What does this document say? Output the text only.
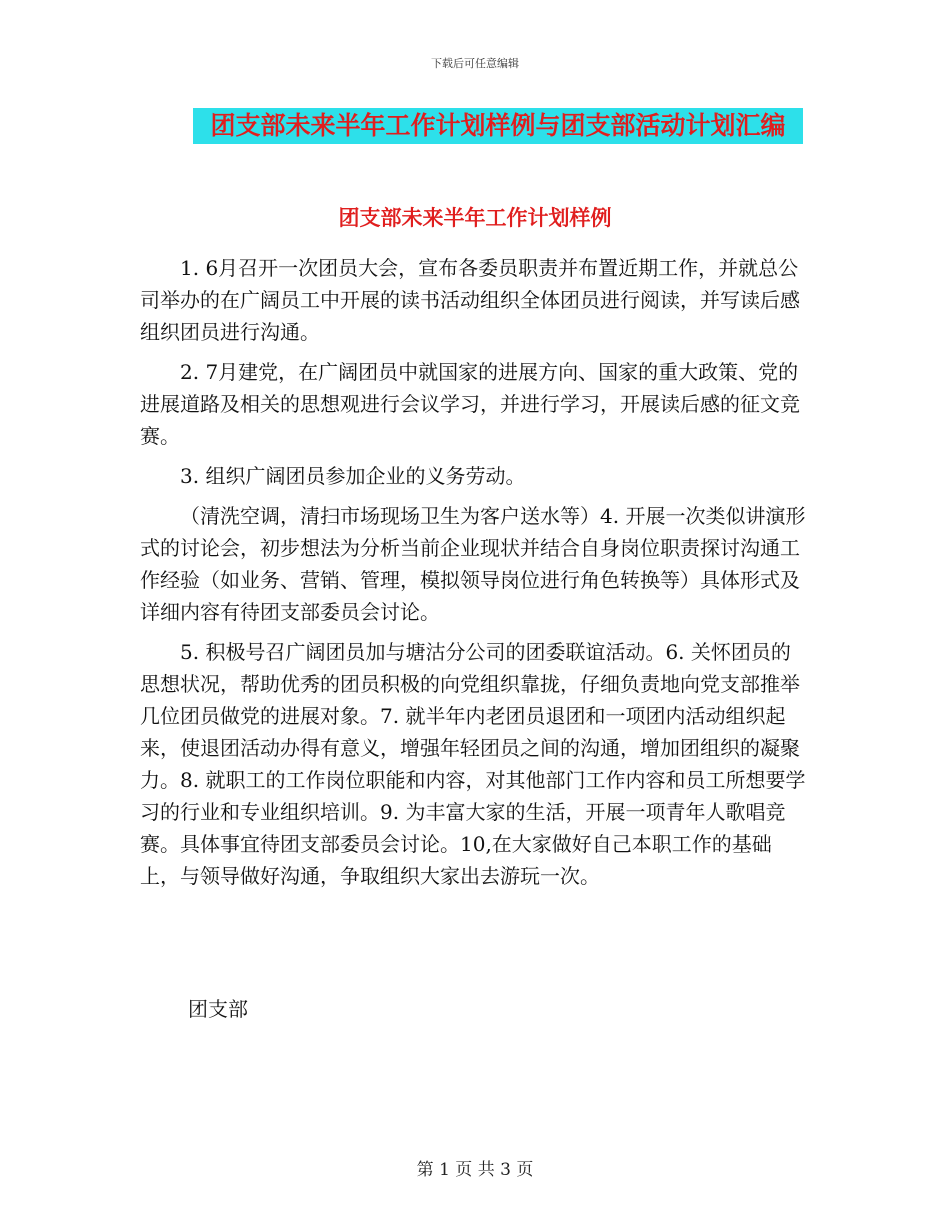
下载后可任意编辑
团支部未来半年工作计划样例与团支部活动计划汇编
团支部未来半年工作计划样例

1. 6月召开一次团员大会，宣布各委员职责并布置近期工作，并就总公司举办的在广阔员工中开展的读书活动组织全体团员进行阅读，并写读后感组织团员进行沟通。

2. 7月建党，在广阔团员中就国家的进展方向、国家的重大政策、党的进展道路及相关的思想观进行会议学习，并进行学习，开展读后感的征文竞赛。

3. 组织广阔团员参加企业的义务劳动。

（清洗空调，清扫市场现场卫生为客户送水等）4. 开展一次类似讲演形式的讨论会，初步想法为分析当前企业现状并结合自身岗位职责探讨沟通工作经验（如业务、营销、管理，模拟领导岗位进行角色转换等）具体形式及详细内容有待团支部委员会讨论。

5. 积极号召广阔团员加与塘沽分公司的团委联谊活动。6. 关怀团员的思想状况，帮助优秀的团员积极的向党组织靠拢，仔细负责地向党支部推举几位团员做党的进展对象。7. 就半年内老团员退团和一项团内活动组织起来，使退团活动办得有意义，增强年轻团员之间的沟通，增加团组织的凝聚力。8. 就职工的工作岗位职能和内容，对其他部门工作内容和员工所想要学习的行业和专业组织培训。9. 为丰富大家的生活，开展一项青年人歌唱竞赛。具体事宜待团支部委员会讨论。10,在大家做好自己本职工作的基础上，与领导做好沟通，争取组织大家出去游玩一次。

团支部
第 1 页 共 3 页
